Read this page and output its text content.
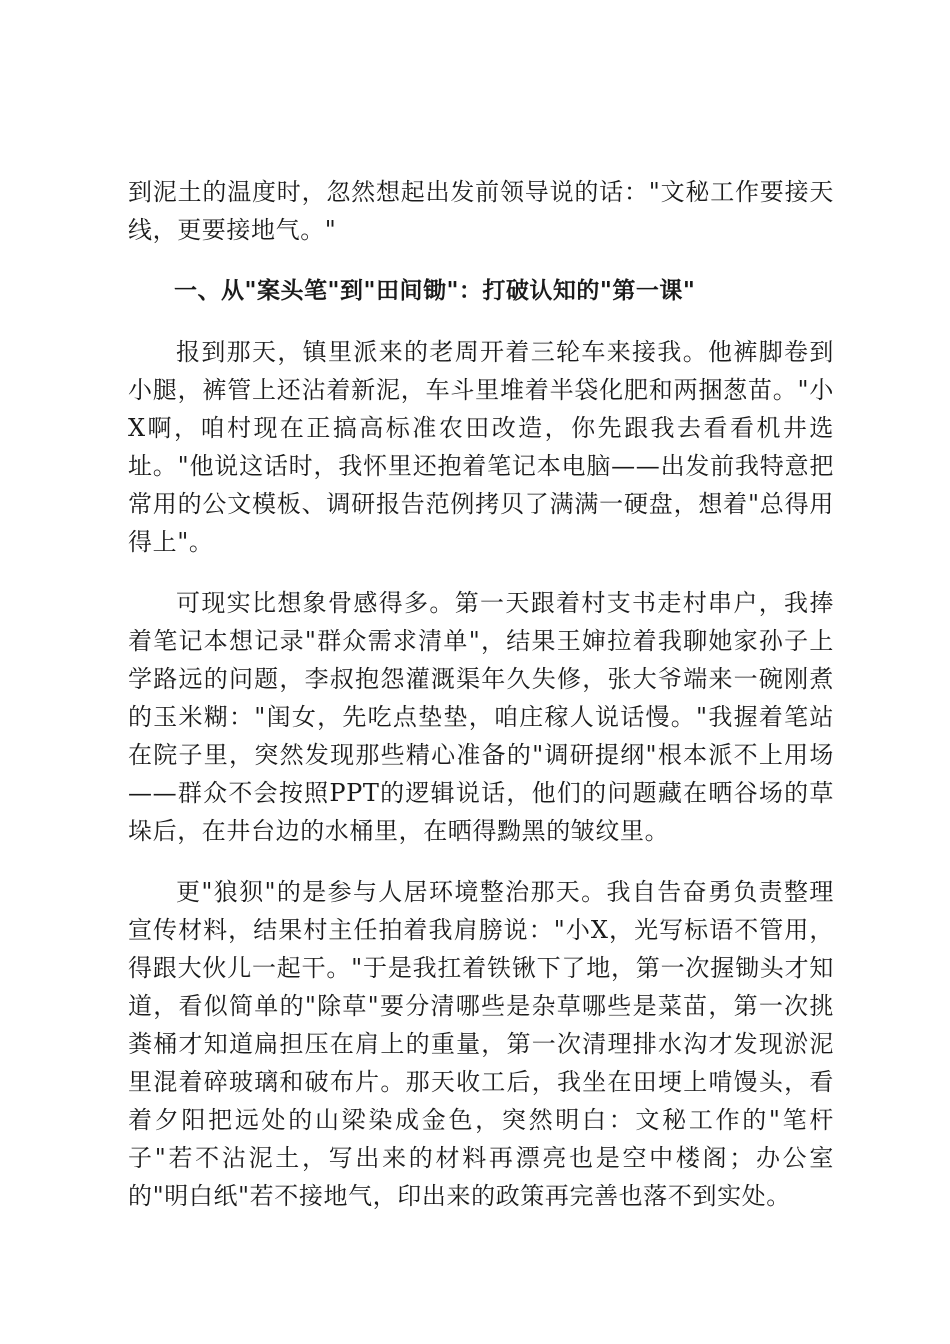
到泥土的温度时，忽然想起出发前领导说的话："文秘工作要接天线，更要接地气。"

一、从"案头笔"到"田间锄"：打破认知的"第一课"

报到那天，镇里派来的老周开着三轮车来接我。他裤脚卷到小腿，裤管上还沾着新泥，车斗里堆着半袋化肥和两捆葱苗。"小X啊，咱村现在正搞高标准农田改造，你先跟我去看看机井选址。"他说这话时，我怀里还抱着笔记本电脑——出发前我特意把常用的公文模板、调研报告范例拷贝了满满一硬盘，想着"总得用得上"。

可现实比想象骨感得多。第一天跟着村支书走村串户，我捧着笔记本想记录"群众需求清单"，结果王婶拉着我聊她家孙子上学路远的问题，李叔抱怨灌溉渠年久失修，张大爷端来一碗刚煮的玉米糊："闺女，先吃点垫垫，咱庄稼人说话慢。"我握着笔站在院子里，突然发现那些精心准备的"调研提纲"根本派不上用场——群众不会按照PPT的逻辑说话，他们的问题藏在晒谷场的草垛后，在井台边的水桶里，在晒得黝黑的皱纹里。

更"狼狈"的是参与人居环境整治那天。我自告奋勇负责整理宣传材料，结果村主任拍着我肩膀说："小X，光写标语不管用，得跟大伙儿一起干。"于是我扛着铁锹下了地，第一次握锄头才知道，看似简单的"除草"要分清哪些是杂草哪些是菜苗，第一次挑粪桶才知道扁担压在肩上的重量，第一次清理排水沟才发现淤泥里混着碎玻璃和破布片。那天收工后，我坐在田埂上啃馒头，看着夕阳把远处的山梁染成金色，突然明白：文秘工作的"笔杆子"若不沾泥土，写出来的材料再漂亮也是空中楼阁；办公室的"明白纸"若不接地气，印出来的政策再完善也落不到实处。
